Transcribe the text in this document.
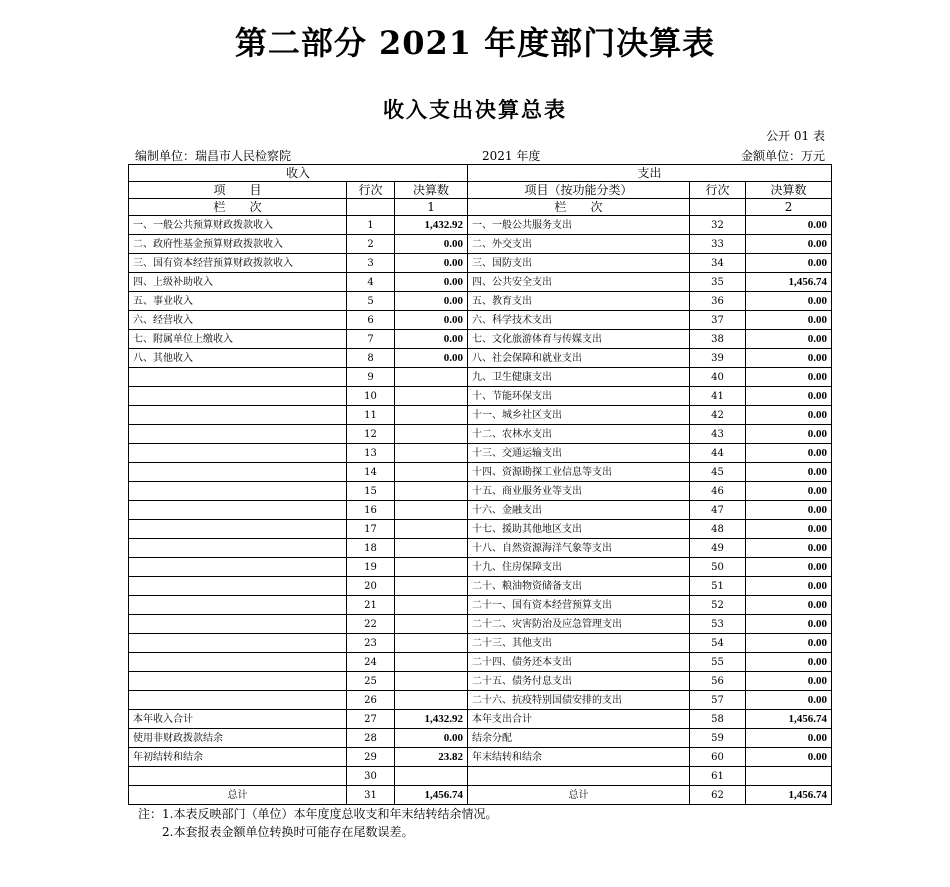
第二部分 2021 年度部门决算表
收入支出决算总表
公开 01 表
编制单位：瑞昌市人民检察院	2021 年度	金额单位：万元
收入			支出		
项　　目	行次	决算数	项目（按功能分类）	行次	决算数
栏　　次		1	栏　　次		2
一、一般公共预算财政拨款收入	1	1,432.92	一、一般公共服务支出	32	0.00
二、政府性基金预算财政拨款收入	2	0.00	二、外交支出	33	0.00
三、国有资本经营预算财政拨款收入	3	0.00	三、国防支出	34	0.00
四、上级补助收入	4	0.00	四、公共安全支出	35	1,456.74
五、事业收入	5	0.00	五、教育支出	36	0.00
六、经营收入	6	0.00	六、科学技术支出	37	0.00
七、附属单位上缴收入	7	0.00	七、文化旅游体育与传媒支出	38	0.00
八、其他收入	8	0.00	八、社会保障和就业支出	39	0.00
	9		九、卫生健康支出	40	0.00
	10		十、节能环保支出	41	0.00
	11		十一、城乡社区支出	42	0.00
	12		十二、农林水支出	43	0.00
	13		十三、交通运输支出	44	0.00
	14		十四、资源勘探工业信息等支出	45	0.00
	15		十五、商业服务业等支出	46	0.00
	16		十六、金融支出	47	0.00
	17		十七、援助其他地区支出	48	0.00
	18		十八、自然资源海洋气象等支出	49	0.00
	19		十九、住房保障支出	50	0.00
	20		二十、粮油物资储备支出	51	0.00
	21		二十一、国有资本经营预算支出	52	0.00
	22		二十二、灾害防治及应急管理支出	53	0.00
	23		二十三、其他支出	54	0.00
	24		二十四、债务还本支出	55	0.00
	25		二十五、债务付息支出	56	0.00
	26		二十六、抗疫特别国债安排的支出	57	0.00
本年收入合计	27	1,432.92	本年支出合计	58	1,456.74
使用非财政拨款结余	28	0.00	结余分配	59	0.00
年初结转和结余	29	23.82	年末结转和结余	60	0.00
	30			61	
总计	31	1,456.74	总计	62	1,456.74
注：1.本表反映部门（单位）本年度度总收支和年末结转结余情况。
　　2.本套报表金额单位转换时可能存在尾数误差。
